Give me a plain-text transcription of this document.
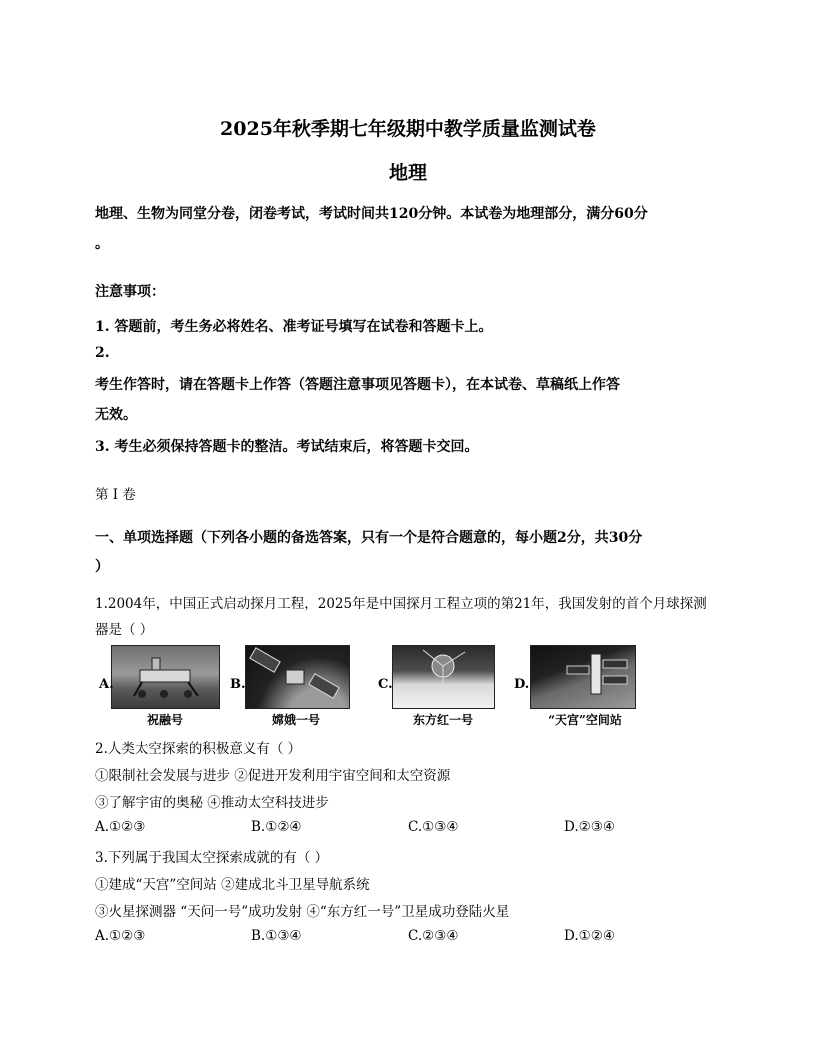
2025年秋季期七年级期中教学质量监测试卷
地理
地理、生物为同堂分卷，闭卷考试，考试时间共120分钟。本试卷为地理部分，满分60分
。
注意事项：
1. 答题前，考生务必将姓名、准考证号填写在试卷和答题卡上。
2.
考生作答时，请在答题卡上作答（答题注意事项见答题卡），在本试卷、草稿纸上作答
无效。
3. 考生必须保持答题卡的整洁。考试结束后，将答题卡交回。
第 I 卷
一、单项选择题（下列各小题的备选答案，只有一个是符合题意的，每小题2分，共30分
）
1.2004年，中国正式启动探月工程，2025年是中国探月工程立项的第21年，我国发射的首个月球探测
器是（ ）
A.
祝融号
B.
嫦娥一号
C.
东方红一号
D.
“天宫”空间站
2.人类太空探索的积极意义有（ ）
①限制社会发展与进步 ②促进开发利用宇宙空间和太空资源
③了解宇宙的奥秘 ④推动太空科技进步
A.①②③	B.①②④	C.①③④	D.②③④
3.下列属于我国太空探索成就的有（ ）
①建成“天宫”空间站 ②建成北斗卫星导航系统
③火星探测器 “天问一号”成功发射 ④“东方红一号”卫星成功登陆火星
A.①②③	B.①③④	C.②③④	D.①②④
